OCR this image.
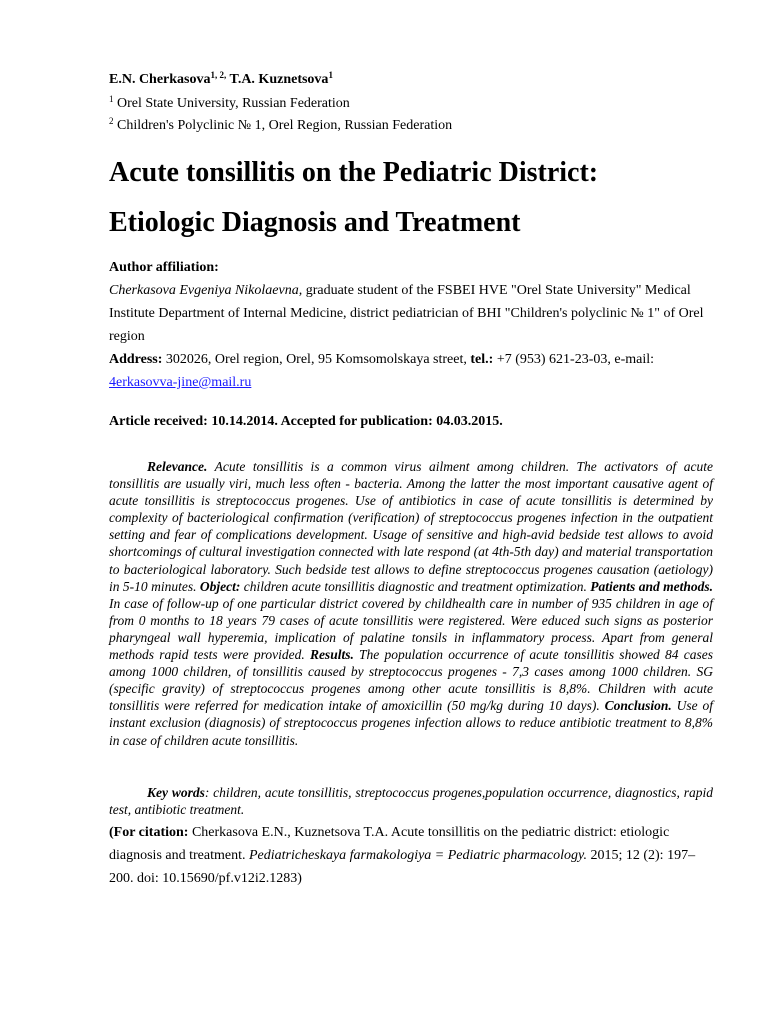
E.N. Cherkasova$^{1, 2,}$ T.A. Kuznetsova$^1$
$^1$ Orel State University, Russian Federation
$^2$ Children's Polyclinic № 1, Orel Region, Russian Federation
Acute tonsillitis on the Pediatric District:
Etiologic Diagnosis and Treatment
Author affiliation:
Cherkasova Evgeniya Nikolaevna, graduate student of the FSBEI HVE "Orel State University" Medical Institute Department of Internal Medicine, district pediatrician of BHI "Children's polyclinic № 1" of Orel region
Address: 302026, Orel region, Orel, 95 Komsomolskaya street, tel.: +7 (953) 621-23-03, e-mail: 4erkasovva-jine@mail.ru
Article received: 10.14.2014. Accepted for publication: 04.03.2015.

Relevance. Acute tonsillitis is a common virus ailment among children. The activators of acute tonsillitis are usually viri, much less often - bacteria. Among the latter the most important causative agent of acute tonsillitis is streptococcus progenes. Use of antibiotics in case of acute tonsillitis is determined by complexity of bacteriological confirmation (verification) of streptococcus progenes infection in the outpatient setting and fear of complications development. Usage of sensitive and high-avid bedside test allows to avoid shortcomings of cultural investigation connected with late respond (at 4th-5th day) and material transportation to bacteriological laboratory. Such bedside test allows to define streptococcus progenes causation (aetiology) in 5-10 minutes. Object: children acute tonsillitis diagnostic and treatment optimization. Patients and methods. In case of follow-up of one particular district covered by childhealth care in number of 935 children in age of from 0 months to 18 years 79 cases of acute tonsillitis were registered. Were educed such signs as posterior pharyngeal wall hyperemia, implication of palatine tonsils in inflammatory process. Apart from general methods rapid tests were provided. Results. The population occurrence of acute tonsillitis showed 84 cases among 1000 children, of tonsillitis caused by streptococcus progenes - 7,3 cases among 1000 children. SG (specific gravity) of streptococcus progenes among other acute tonsillitis is 8,8%. Children with acute tonsillitis were referred for medication intake of amoxicillin (50 mg/kg during 10 days). Conclusion. Use of instant exclusion (diagnosis) of streptococcus progenes infection allows to reduce antibiotic treatment to 8,8% in case of children acute tonsillitis.

Key words: children, acute tonsillitis, streptococcus progenes,population occurrence, diagnostics, rapid test, antibiotic treatment.
(For citation: Cherkasova E.N., Kuznetsova T.A. Acute tonsillitis on the pediatric district: etiologic diagnosis and treatment. Pediatricheskaya farmakologiya = Pediatric pharmacology. 2015; 12 (2): 197–200. doi: 10.15690/pf.v12i2.1283)
